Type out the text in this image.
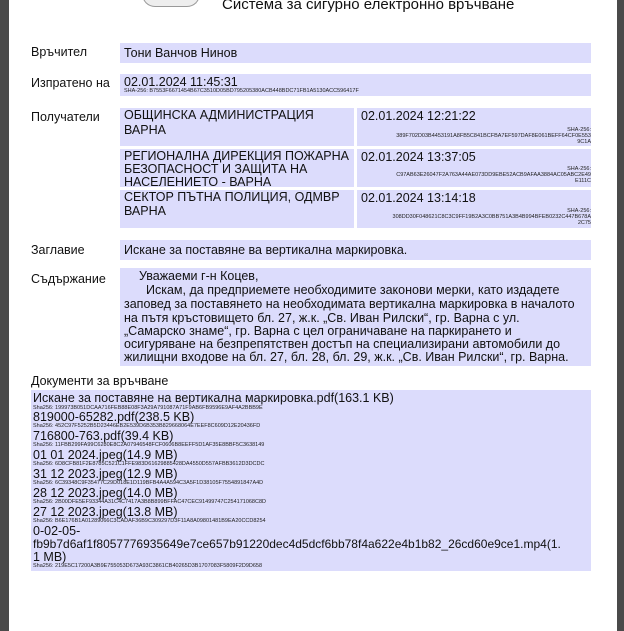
Система за сигурно електронно връчване
Връчител	Тони Ванчов Нинов
Изпратено на 02.01.2024 11:45:31
SHA-256: B7553F6671454B67C3510D05BD795205380ACB448BDC71FB1A5130ACC596417F
Получатели ОБЩИНСКА АДМИНИСТРАЦИЯ
ВАРНА
02.01.2024 12:21:22
SHA-256:
389F702D03B4453191A8FB5C841BCFBA7EF597DAF8E061BEFF64CF0E553
9C1A
РЕГИОНАЛНА ДИРЕКЦИЯ ПОЖАРНА
БЕЗОПАСНОСТ И ЗАЩИТА НА
НАСЕЛЕНИЕТО - ВАРНА
02.01.2024 13:37:05
SHA-256:
C97AB63E26047F2A763A44AE073DD9EBE52ACB9AFAA3884AC05ABC2E49
E111C
СЕКТОР ПЪТНА ПОЛИЦИЯ, ОДМВР
ВАРНА
02.01.2024 13:14:18
SHA-256:
308DD30F048621C8C3C9FF19B2A3C0BB751A3B4B994BFEB0232C447B678A
2C75
Заглавие	Искане за поставяне ва вертикална маркировка.
Съдържание	Уважаеми г-н Коцев,
Искам, да предприемете необходимите законови мерки, като издадете
заповед за поставянето на необходимата вертикална маркировка в началото
на пътя кръстовището бл. 27, ж.к. „Св. Иван Рилски“, гр. Варна с ул.
„Самарско знаме“, гр. Варна с цел ограничаване на паркирането и
осигуряване на безпрепятствен достъп на специализирани автомобили до
жилищни входове на бл. 27, бл. 28, бл. 29, ж.к. „Св. Иван Рилски“, гр. Варна.
Документи за връчване
Искане за поставяне на вертикална маркировка.pdf(163.1 KB)
Sha256: 199973B051DCAA716FEB88E08F3A29A791087A71F9AB6FB9596E9AF4A2BBB9E
819000-65282.pdf(238.5 KB)
Sha256: 452C97F5252B5D23446EB2E539D6B353B829668064E7EEF8C609D12E20436FD
716800-763.pdf(39.4 KB)
Sha256: 11FBB299FA99C6280E8C2A07946548FCF0606B8EEFF5D1AF35E8BBF5C3638149
01 01 2024.jpeg(14.9 MB)
Sha256: 6D8CFB81F2E8785C521C1FFE983D61629885428DA4550D557AFBB3612D3DCDC
31 12 2023.jpeg(12.9 MB)
Sha256: 6C39348C9F35477C29D018E1D119BFB4A4A594C3A5F1D38105F7554891847A4D
28 12 2023.jpeg(14.0 MB)
Sha256: 2B00DFE5EF93344A31C4C7417A3B8B899BFFAC47CEC91499747C254171068C8D
27 12 2023.jpeg(13.8 MB)
Sha256: B6E176B1A01289066C3CADAF36B9C309297D3F11A8A09801481B9EA20CCD8254
0-02-05-
fb9b7d6af1f8057776935649e7ce657b91220dec4d5dcf6bb78f4a622e4b1b82_26cd60e9ce1.mp4(1.
1 MB)
Sha256: 219E5C17200A3B9E755053D673A93C3861CB40265D3B1707083F5809F2D9D658
